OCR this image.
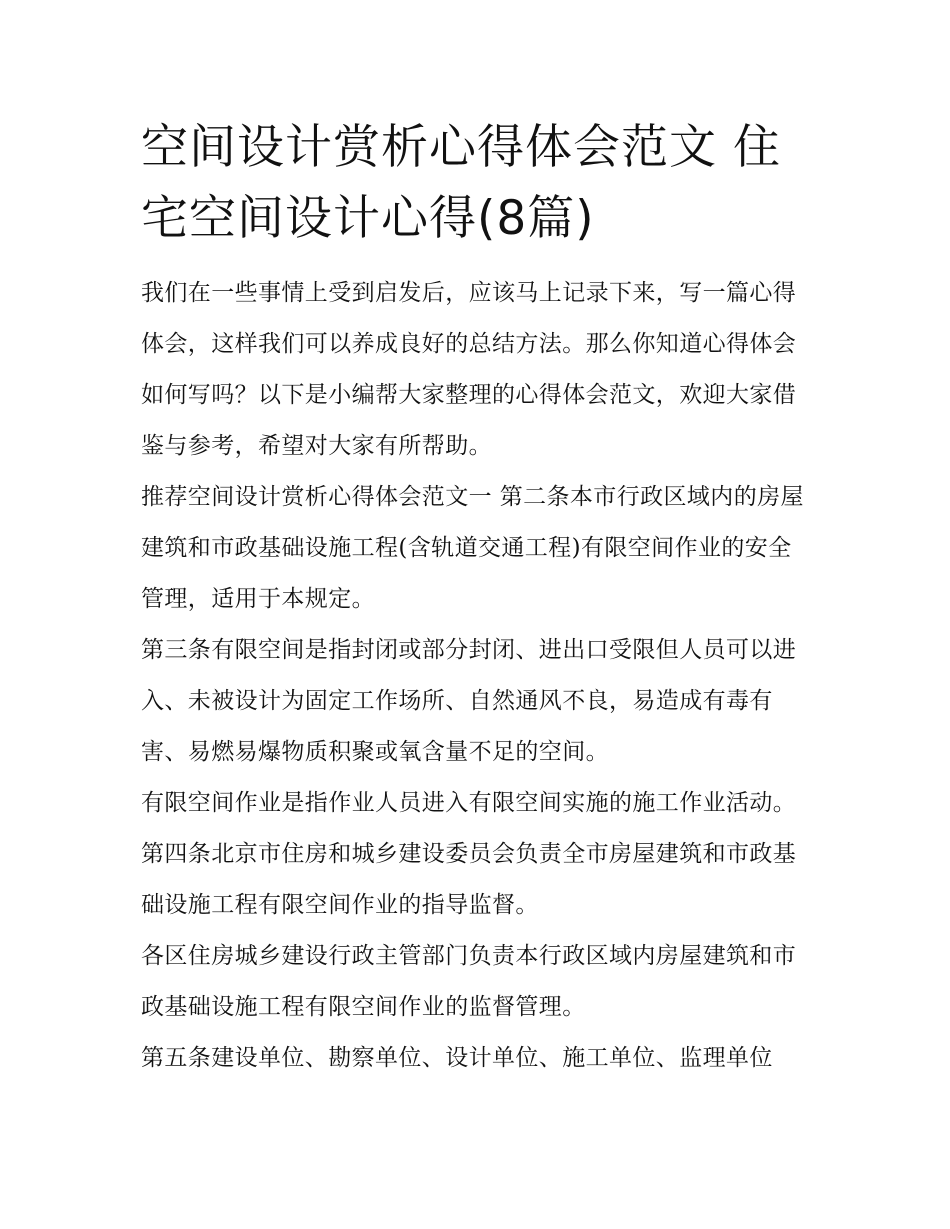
空间设计赏析心得体会范文 住宅空间设计心得(8篇)

我们在一些事情上受到启发后，应该马上记录下来，写一篇心得体会，这样我们可以养成良好的总结方法。那么你知道心得体会如何写吗？以下是小编帮大家整理的心得体会范文，欢迎大家借鉴与参考，希望对大家有所帮助。

推荐空间设计赏析心得体会范文一 第二条本市行政区域内的房屋建筑和市政基础设施工程(含轨道交通工程)有限空间作业的安全管理，适用于本规定。

第三条有限空间是指封闭或部分封闭、进出口受限但人员可以进入、未被设计为固定工作场所、自然通风不良，易造成有毒有害、易燃易爆物质积聚或氧含量不足的空间。

有限空间作业是指作业人员进入有限空间实施的施工作业活动。 第四条北京市住房和城乡建设委员会负责全市房屋建筑和市政基础设施工程有限空间作业的指导监督。

各区住房城乡建设行政主管部门负责本行政区域内房屋建筑和市政基础设施工程有限空间作业的监督管理。

第五条建设单位、勘察单位、设计单位、施工单位、监理单位
